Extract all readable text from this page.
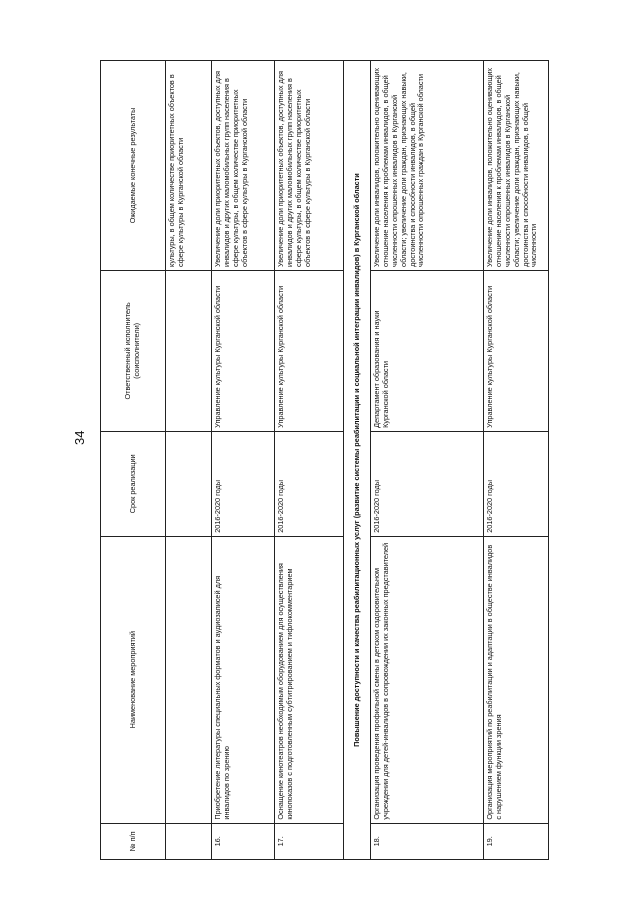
34
№ п/п	Наименование мероприятий	Срок реализации	Ответственный исполнитель (соисполнители)	Ожидаемые конечные результаты
				культуры, в общем количестве приоритетных объектов в сфере культуры в Курганской области
16.	Приобретение литературы специальных форматов и аудиозаписей для инвалидов по зрению	2016-2020 годы	Управление культуры Курганской области	Увеличение доли приоритетных объектов, доступных для инвалидов и других маломобильных групп населения в сфере культуры, в общем количестве приоритетных объектов в сфере культуры в Курганской области
17.	Оснащение кинотеатров необходимым оборудованием для осуществления кинопоказов с подготовленным субтитрированием и тифлокомментарием	2016-2020 годы	Управление культуры Курганской области	Увеличение доли приоритетных объектов, доступных для инвалидов и других маломобильных групп населения в сфере культуры, в общем количестве приоритетных объектов в сфере культуры в Курганской области
Повышение доступности и качества реабилитационных услуг (развитие системы реабилитации и социальной интеграции инвалидов) в Курганской области				
18.	Организация проведения профильной смены в детском оздоровительном учреждении для детей-инвалидов в сопровождении их законных представителей	2016-2020 годы	Департамент образования и науки Курганской области	Увеличение доли инвалидов, положительно оценивающих отношение населения к проблемам инвалидов, в общей численности опрошенных инвалидов в Курганской области; увеличение доли граждан, признающих навыки, достоинства и способности инвалидов, в общей численности опрошенных граждан в Курганской области
19.	Организация мероприятий по реабилитации и адаптации в обществе инвалидов с нарушением функции зрения	2016-2020 годы	Управление культуры Курганской области	Увеличение доли инвалидов, положительно оценивающих отношение населения к проблемам инвалидов, в общей численности опрошенных инвалидов в Курганской области; увеличение доли граждан, признающих навыки, достоинства и способности инвалидов, в общей численности
